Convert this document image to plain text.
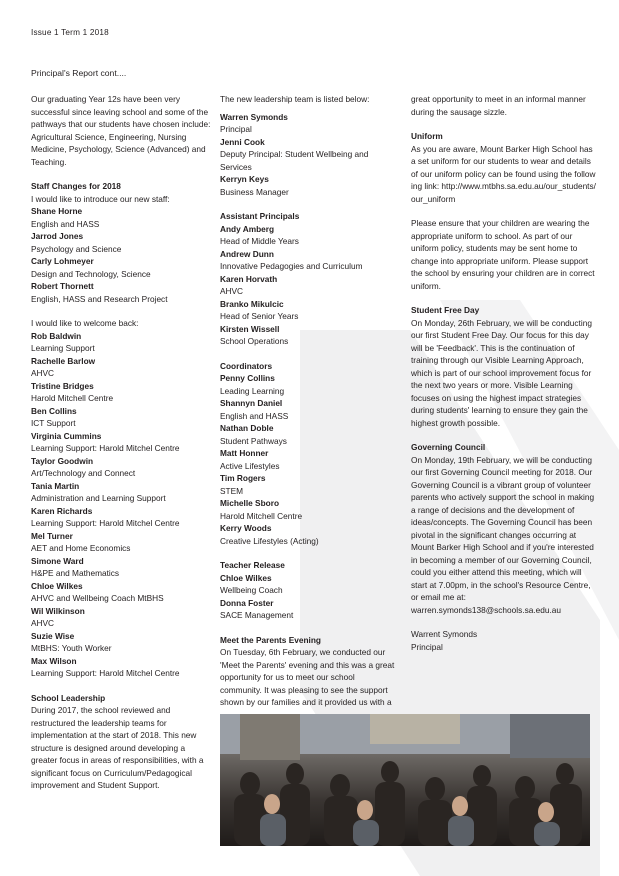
Issue 1 Term 1 2018
Principal's Report cont....

Our graduating Year 12s have been very successful since leaving school and some of the pathways that our students have chosen include: Agricultural Science, Engineering, Nursing Medicine, Psychology, Science (Advanced) and Teaching.

Staff Changes for 2018

I would like to introduce our new staff:

Shane Horne

English and HASS

Jarrod Jones

Psychology and Science

Carly Lohmeyer

Design and Technology, Science

Robert Thornett

English, HASS and Research Project

I would like to welcome back:

Rob Baldwin

Learning Support

Rachelle Barlow

AHVC

Tristine Bridges

Harold Mitchell Centre

Ben Collins

ICT Support

Virginia Cummins

Learning Support: Harold Mitchel Centre

Taylor Goodwin

Art/Technology and Connect

Tania Martin

Administration and Learning Support

Karen Richards

Learning Support: Harold Mitchel Centre

Mel Turner

AET and Home Economics

Simone Ward

H&PE and Mathematics

Chloe Wilkes

AHVC and Wellbeing Coach MtBHS

Wil Wilkinson

AHVC

Suzie Wise

MtBHS: Youth Worker

Max Wilson

Learning Support: Harold Mitchel Centre

School Leadership

During 2017, the school reviewed and restructured the leadership teams for implementation at the start of 2018. This new structure is designed around developing a greater focus in areas of responsibilities, with a significant focus on Curriculum/Pedagogical improvement and Student Support.

The new leadership team is listed below:

Warren Symonds

Principal

Jenni Cook

Deputy Principal: Student Wellbeing and Services

Kerryn Keys

Business Manager

Assistant Principals

Andy Amberg

Head of Middle Years

Andrew Dunn

Innovative Pedagogies and Curriculum

Karen Horvath

AHVC

Branko Mikulcic

Head of Senior Years

Kirsten Wissell

School Operations

Coordinators

Penny Collins

Leading Learning

Shannyn Daniel

English and HASS

Nathan Doble

Student Pathways

Matt Honner

Active Lifestyles

Tim Rogers

STEM

Michelle Sboro

Harold Mitchell Centre

Kerry Woods

Creative Lifestyles (Acting)

Teacher Release

Chloe Wilkes

Wellbeing Coach

Donna Foster

SACE Management

Meet the Parents Evening

On Tuesday, 6th February, we conducted our 'Meet the Parents' evening and this was a great opportunity for us to meet our school community. It was pleasing to see the support shown by our families and it provided us with a

great opportunity to meet in an informal manner during the sausage sizzle.

Uniform

As you are aware, Mount Barker High School has a set uniform for our students to wear and details of our uniform policy can be found using the following link: http://www.mtbhs.sa.edu.au/our_students/our_uniform

Please ensure that your children are wearing the appropriate uniform to school. As part of our uniform policy, students may be sent home to change into appropriate uniform. Please support the school by ensuring your children are in correct uniform.

Student Free Day

On Monday, 26th February, we will be conducting our first Student Free Day. Our focus for this day will be 'Feedback'. This is the continuation of training through our Visible Learning Approach, which is part of our school improvement focus for the next two years or more. Visible Learning focuses on using the highest impact strategies during students' learning to ensure they gain the highest growth possible.

Governing Council

On Monday, 19th February, we will be conducting our first Governing Council meeting for 2018. Our Governing Council is a vibrant group of volunteer parents who actively support the school in making a range of decisions and the development of ideas/concepts. The Governing Council has been pivotal in the significant changes occurring at Mount Barker High School and if you're interested in becoming a member of our Governing Council, could you either attend this meeting, which will start at 7.00pm, in the school's Resource Centre, or email me at: warren.symonds138@schools.sa.edu.au

Warrent Symonds

Principal
